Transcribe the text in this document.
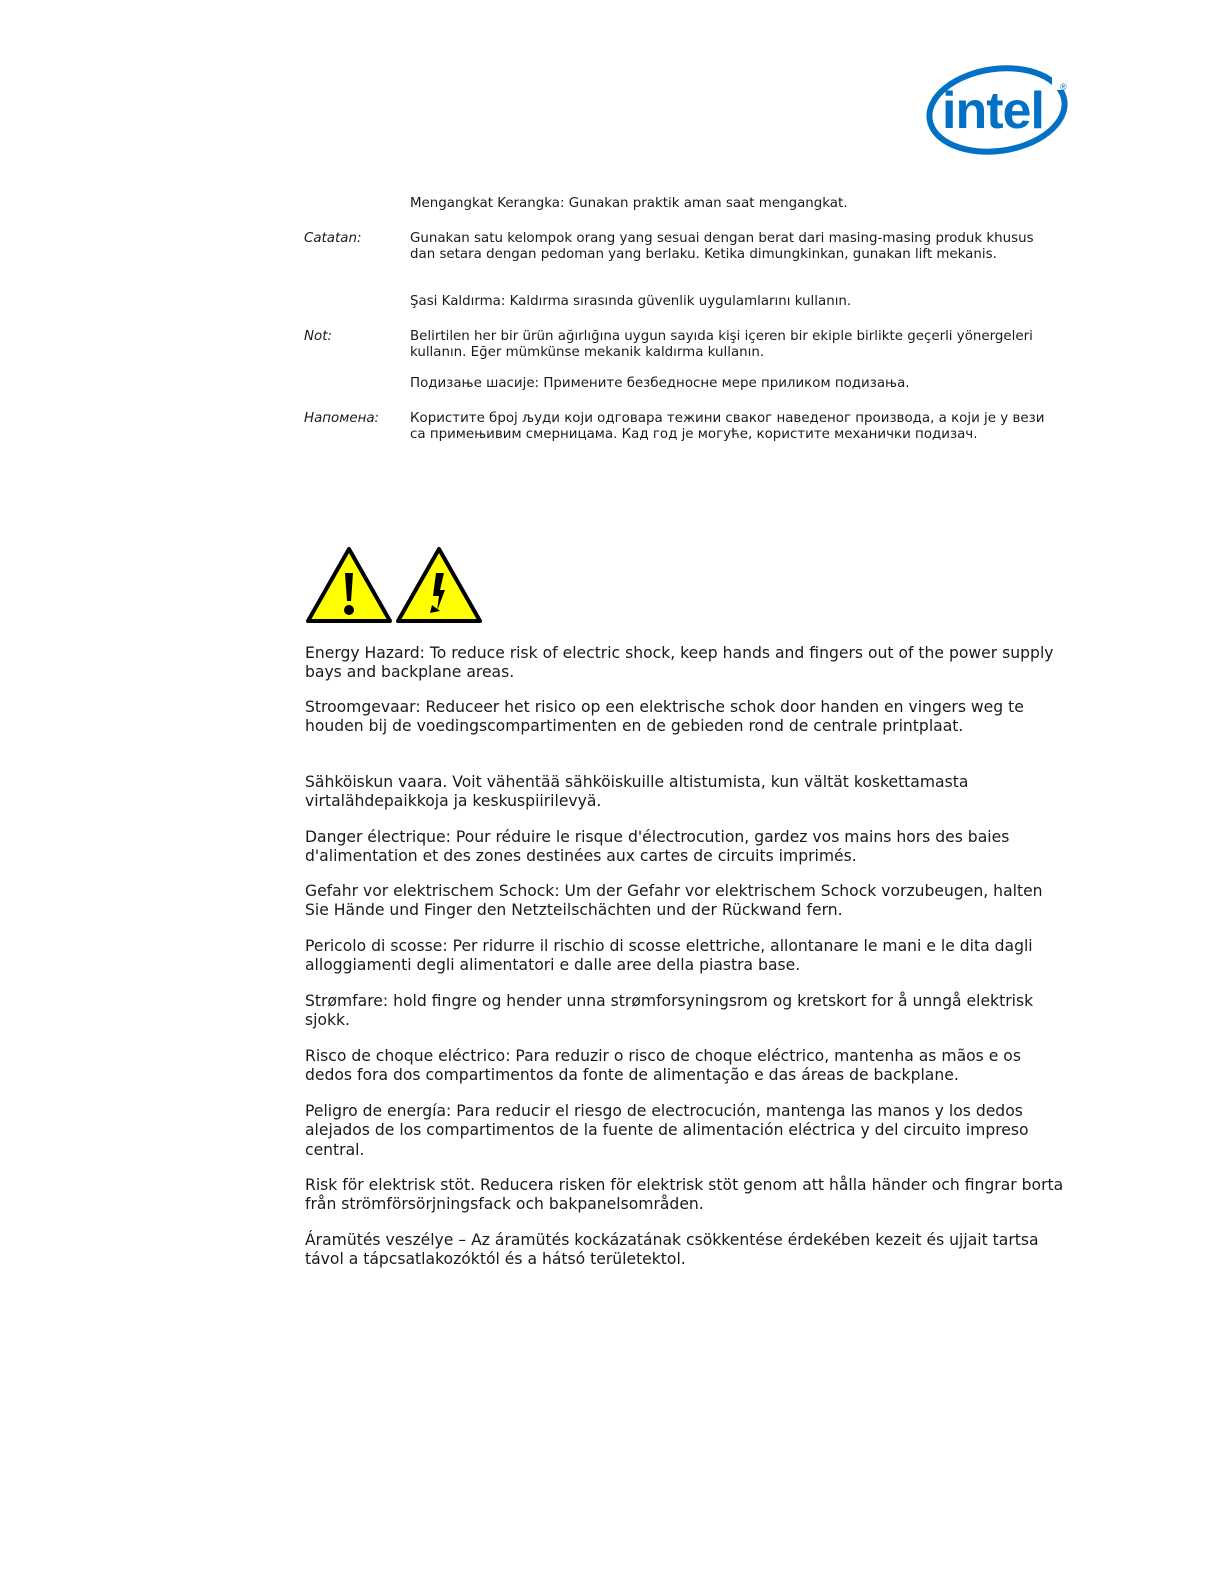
intel ®
Mengangkat Kerangka: Gunakan praktik aman saat mengangkat.
Catatan:	Gunakan satu kelompok orang yang sesuai dengan berat dari masing-masing produk khusus dan setara dengan pedoman yang berlaku. Ketika dimungkinkan, gunakan lift mekanis.
Şasi Kaldırma: Kaldırma sırasında güvenlik uygulamlarını kullanın.
Not:	Belirtilen her bir ürün ağırlığına uygun sayıda kişi içeren bir ekiple birlikte geçerli yönergeleri kullanın. Eğer mümkünse mekanik kaldırma kullanın.
Подизање шасије: Примените безбедносне мере приликом подизања.
Напомена: Користите број људи који одговара тежини сваког наведеног производа, а који је у вези са примењивим смерницама. Кад год је могуће, користите механички подизач.

Energy Hazard: To reduce risk of electric shock, keep hands and fingers out of the power supply bays and backplane areas.

Stroomgevaar: Reduceer het risico op een elektrische schok door handen en vingers weg te houden bij de voedingscompartimenten en de gebieden rond de centrale printplaat.

Sähköiskun vaara. Voit vähentää sähköiskuille altistumista, kun vältät koskettamasta virtalähdepaikkoja ja keskuspiirilevyä.

Danger électrique: Pour réduire le risque d'électrocution, gardez vos mains hors des baies d'alimentation et des zones destinées aux cartes de circuits imprimés.

Gefahr vor elektrischem Schock: Um der Gefahr vor elektrischem Schock vorzubeugen, halten Sie Hände und Finger den Netzteilschächten und der Rückwand fern.

Pericolo di scosse: Per ridurre il rischio di scosse elettriche, allontanare le mani e le dita dagli alloggiamenti degli alimentatori e dalle aree della piastra base.

Strømfare: hold fingre og hender unna strømforsyningsrom og kretskort for å unngå elektrisk sjokk.

Risco de choque eléctrico: Para reduzir o risco de choque eléctrico, mantenha as mãos e os dedos fora dos compartimentos da fonte de alimentação e das áreas de backplane.

Peligro de energía: Para reducir el riesgo de electrocución, mantenga las manos y los dedos alejados de los compartimentos de la fuente de alimentación eléctrica y del circuito impreso central.

Risk för elektrisk stöt. Reducera risken för elektrisk stöt genom att hålla händer och fingrar borta från strömförsörjningsfack och bakpanelsområden.

Áramütés veszélye – Az áramütés kockázatának csökkentése érdekében kezeit és ujjait tartsa távol a tápcsatlakozóktól és a hátsó területektol.
